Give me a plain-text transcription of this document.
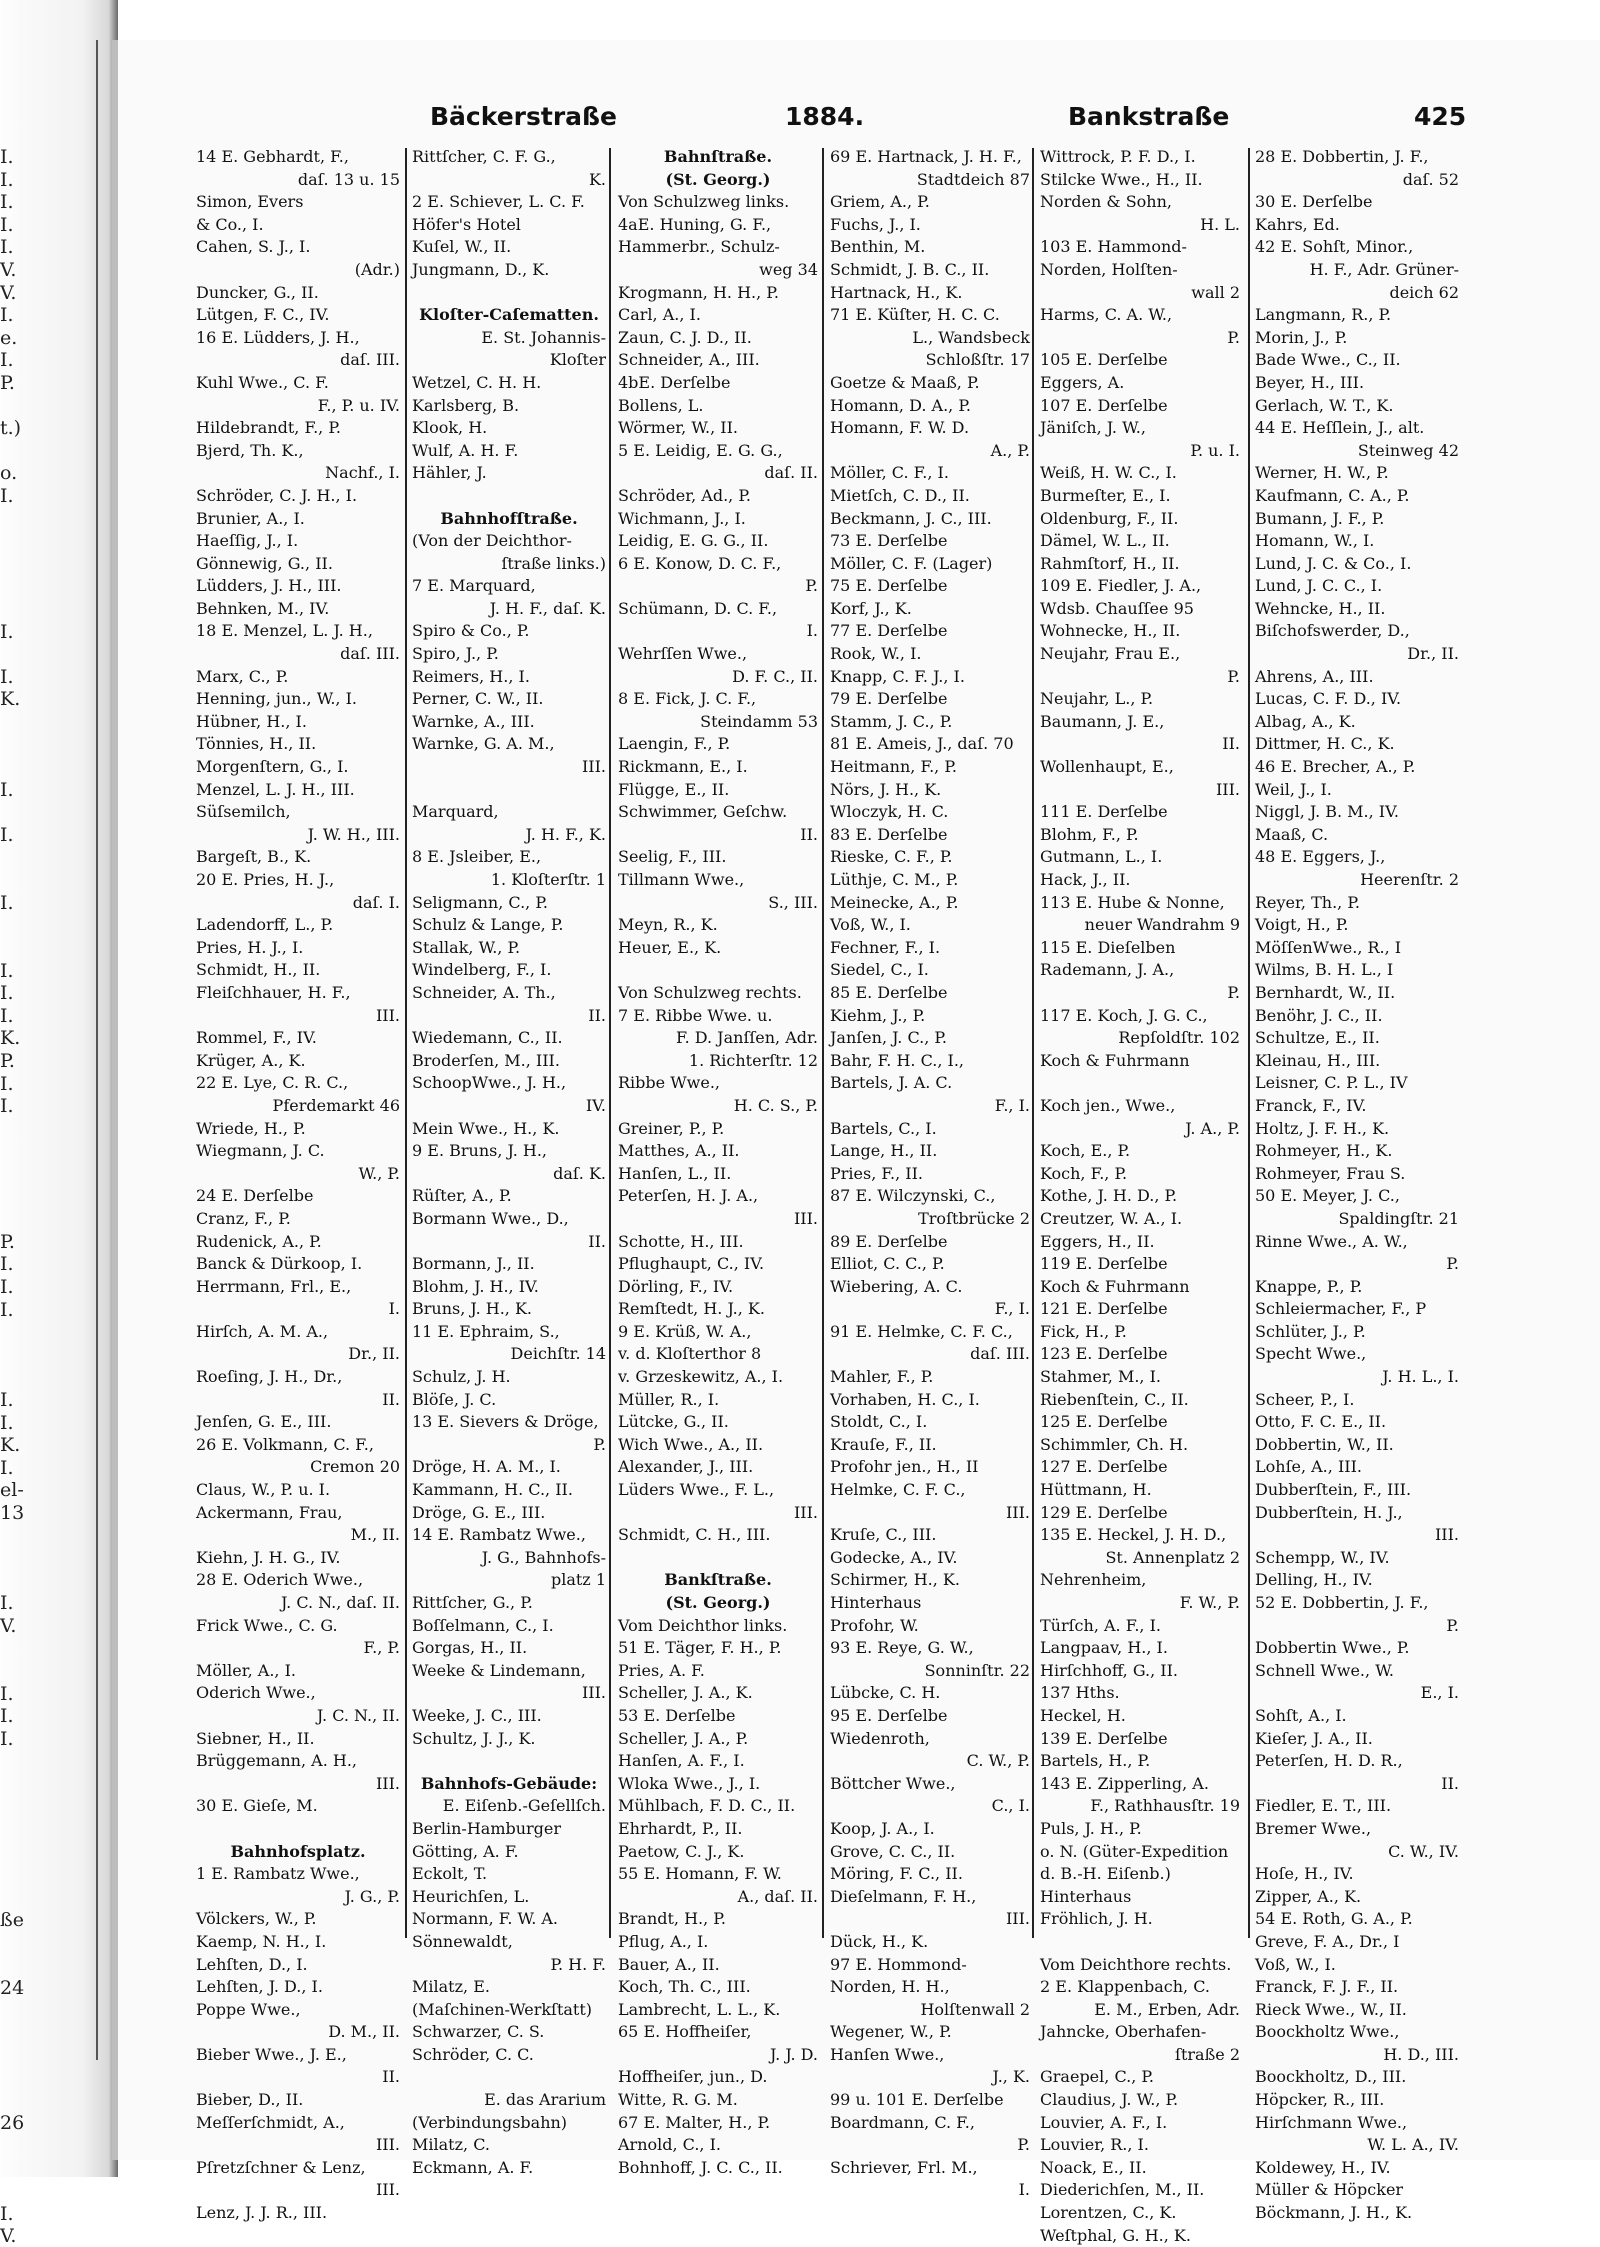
I.
I.
I.
I.
I.
V.
V.
I.
e.
I.
P.
t.)
o.
I.
I.
I.
K.
I.
I.
I.
I.
I.
I.
K.
P.
I.
I.
P.
I.
I.
I.
I.
I.
K.
I.
el-
13
I.
V.
I.
I.
I.
ße
24
26
I.
V.
Bäckerstraße	1884.	Bankstraße	425
14 E. Gebhardt, F.,
daſ. 13 u. 15
Simon, Evers
& Co., I.
Cahen, S. J., I.
(Adr.)
Duncker, G., II.
Lütgen, F. C., IV.
16 E. Lüdders, J. H.,
daſ. III.
Kuhl Wwe., C. F.
F., P. u. IV.
Hildebrandt, F., P.
Bjerd, Th. K.,
Nachf., I.
Schröder, C. J. H., I.
Brunier, A., I.
Haeſſig, J., I.
Gönnewig, G., II.
Lüdders, J. H., III.
Behnken, M., IV.
18 E. Menzel, L. J. H.,
daſ. III.
Marx, C., P.
Henning, jun., W., I.
Hübner, H., I.
Tönnies, H., II.
Morgenſtern, G., I.
Menzel, L. J. H., III.
Süſsemilch,
J. W. H., III.
Bargeſt, B., K.
20 E. Pries, H. J.,
daſ. I.
Ladendorff, L., P.
Pries, H. J., I.
Schmidt, H., II.
Fleiſchhauer, H. F.,
III.
Rommel, F., IV.
Krüger, A., K.
22 E. Lye, C. R. C.,
Pferdemarkt 46
Wriede, H., P.
Wiegmann, J. C.
W., P.
24 E. Derſelbe
Cranz, F., P.
Rudenick, A., P.
Banck & Dürkoop, I.
Herrmann, Frl., E.,
I.
Hirſch, A. M. A.,
Dr., II.
Roeſing, J. H., Dr.,
II.
Jenſen, G. E., III.
26 E. Volkmann, C. F.,
Cremon 20
Claus, W., P. u. I.
Ackermann, Frau,
M., II.
Kiehn, J. H. G., IV.
28 E. Oderich Wwe.,
J. C. N., daſ. II.
Frick Wwe., C. G.
F., P.
Möller, A., I.
Oderich Wwe.,
J. C. N., II.
Siebner, H., II.
Brüggemann, A. H.,
III.
30 E. Gieſe, M.
Bahnhofsplatz.
1 E. Rambatz Wwe.,
J. G., P.
Völckers, W., P.
Kaemp, N. H., I.
Lehſten, D., I.
Lehſten, J. D., I.
Poppe Wwe.,
D. M., II.
Bieber Wwe., J. E.,
II.
Bieber, D., II.
Meſſerſchmidt, A.,
III.
Pſretzſchner & Lenz,
III.
Lenz, J. J. R., III.
Rittſcher, C. F. G.,
K.
2 E. Schiever, L. C. F.
Höfer's Hotel
Kuſel, W., II.
Jungmann, D., K.
Kloſter-Caſematten.
E. St. Johannis-
Kloſter
Wetzel, C. H. H.
Karlsberg, B.
Klook, H.
Wulf, A. H. F.
Hähler, J.
Bahnhofſtraße.
(Von der Deichthor-
ſtraße links.)
7 E. Marquard,
J. H. F., daſ. K.
Spiro & Co., P.
Spiro, J., P.
Reimers, H., I.
Perner, C. W., II.
Warnke, A., III.
Warnke, G. A. M.,
III.
Marquard,
J. H. F., K.
8 E. Jsleiber, E.,
1. Kloſterſtr. 1
Seligmann, C., P.
Schulz & Lange, P.
Stallak, W., P.
Windelberg, F., I.
Schneider, A. Th.,
II.
Wiedemann, C., II.
Broderſen, M., III.
SchoopWwe., J. H.,
IV.
Mein Wwe., H., K.
9 E. Bruns, J. H.,
daſ. K.
Rüſter, A., P.
Bormann Wwe., D.,
II.
Bormann, J., II.
Blohm, J. H., IV.
Bruns, J. H., K.
11 E. Ephraim, S.,
Deichſtr. 14
Schulz, J. H.
Blöſe, J. C.
13 E. Sievers & Dröge,
P.
Dröge, H. A. M., I.
Kammann, H. C., II.
Dröge, G. E., III.
14 E. Rambatz Wwe.,
J. G., Bahnhofs-
platz 1
Rittſcher, G., P.
Boſſelmann, C., I.
Gorgas, H., II.
Weeke & Lindemann,
III.
Weeke, J. C., III.
Schultz, J. J., K.
Bahnhofs-Gebäude:
E. Eiſenb.-Geſellſch.
Berlin-Hamburger
Götting, A. F.
Eckolt, T.
Heurichſen, L.
Normann, F. W. A.
Sönnewaldt,
P. H. F.
Milatz, E.
(Maſchinen-Werkſtatt)
Schwarzer, C. S.
Schröder, C. C.
E. das Ararium
(Verbindungsbahn)
Milatz, C.
Eckmann, A. F.
Bahnſtraße.
(St. Georg.)
Von Schulzweg links.
4aE. Huning, G. F.,
Hammerbr., Schulz-
weg 34
Krogmann, H. H., P.
Carl, A., I.
Zaun, C. J. D., II.
Schneider, A., III.
4bE. Derſelbe
Bollens, L.
Wörmer, W., II.
5 E. Leidig, E. G. G.,
daſ. II.
Schröder, Ad., P.
Wichmann, J., I.
Leidig, E. G. G., II.
6 E. Konow, D. C. F.,
P.
Schümann, D. C. F.,
I.
Wehrſſen Wwe.,
D. F. C., II.
8 E. Fick, J. C. F.,
Steindamm 53
Laengin, F., P.
Rickmann, E., I.
Flügge, E., II.
Schwimmer, Geſchw.
II.
Seelig, F., III.
Tillmann Wwe.,
S., III.
Meyn, R., K.
Heuer, E., K.
Von Schulzweg rechts.
7 E. Ribbe Wwe. u.
F. D. Janſſen, Adr.
1. Richterſtr. 12
Ribbe Wwe.,
H. C. S., P.
Greiner, P., P.
Matthes, A., II.
Hanſen, L., II.
Peterſen, H. J. A.,
III.
Schotte, H., III.
Pflughaupt, C., IV.
Dörling, F., IV.
Remſtedt, H. J., K.
9 E. Krüß, W. A.,
v. d. Kloſterthor 8
v. Grzeskewitz, A., I.
Müller, R., I.
Lütcke, G., II.
Wich Wwe., A., II.
Alexander, J., III.
Lüders Wwe., F. L.,
III.
Schmidt, C. H., III.
Bankſtraße.
(St. Georg.)
Vom Deichthor links.
51 E. Täger, F. H., P.
Pries, A. F.
Scheller, J. A., K.
53 E. Derſelbe
Scheller, J. A., P.
Hanſen, A. F., I.
Wloka Wwe., J., I.
Mühlbach, F. D. C., II.
Ehrhardt, P., II.
Paetow, C. J., K.
55 E. Homann, F. W.
A., daſ. II.
Brandt, H., P.
Pflug, A., I.
Bauer, A., II.
Koch, Th. C., III.
Lambrecht, L. L., K.
65 E. Hoffheiſer,
J. J. D.
Hoffheiſer, jun., D.
Witte, R. G. M.
67 E. Malter, H., P.
Arnold, C., I.
Bohnhoff, J. C. C., II.
69 E. Hartnack, J. H. F.,
Stadtdeich 87
Griem, A., P.
Fuchs, J., I.
Benthin, M.
Schmidt, J. B. C., II.
Hartnack, H., K.
71 E. Küſter, H. C. C.
L., Wandsbeck
Schloßſtr. 17
Goetze & Maaß, P.
Homann, D. A., P.
Homann, F. W. D.
A., P.
Möller, C. F., I.
Mietſch, C. D., II.
Beckmann, J. C., III.
73 E. Derſelbe
Möller, C. F. (Lager)
75 E. Derſelbe
Korf, J., K.
77 E. Derſelbe
Rook, W., I.
Knapp, C. F. J., I.
79 E. Derſelbe
Stamm, J. C., P.
81 E. Ameis, J., daſ. 70
Heitmann, F., P.
Nörs, J. H., K.
Wloczyk, H. C.
83 E. Derſelbe
Rieske, C. F., P.
Lüthje, C. M., P.
Meinecke, A., P.
Voß, W., I.
Fechner, F., I.
Siedel, C., I.
85 E. Derſelbe
Kiehm, J., P.
Janſen, J. C., P.
Bahr, F. H. C., I.,
Bartels, J. A. C.
F., I.
Bartels, C., I.
Lange, H., II.
Pries, F., II.
87 E. Wilczynski, C.,
Troſtbrücke 2
89 E. Derſelbe
Elliot, C. C., P.
Wiebering, A. C.
F., I.
91 E. Helmke, C. F. C.,
daſ. III.
Mahler, F., P.
Vorhaben, H. C., I.
Stoldt, C., I.
Krauſe, F., II.
Profohr jen., H., II
Helmke, C. F. C.,
III.
Kruſe, C., III.
Godecke, A., IV.
Schirmer, H., K.
Hinterhaus
Profohr, W.
93 E. Reye, G. W.,
Sonninſtr. 22
Lübcke, C. H.
95 E. Derſelbe
Wiedenroth,
C. W., P.
Böttcher Wwe.,
C., I.
Koop, J. A., I.
Grove, C. C., II.
Möring, F. C., II.
Dieſelmann, F. H.,
III.
Dück, H., K.
97 E. Hommond-
Norden, H. H.,
Holſtenwall 2
Wegener, W., P.
Hanſen Wwe.,
J., K.
99 u. 101 E. Derſelbe
Boardmann, C. F.,
P.
Schriever, Frl. M.,
I.
Wittrock, P. F. D., I.
Stilcke Wwe., H., II.
Norden & Sohn,
H. L.
103 E. Hammond-
Norden, Holſten-
wall 2
Harms, C. A. W.,
P.
105 E. Derſelbe
Eggers, A.
107 E. Derſelbe
Jäniſch, J. W.,
P. u. I.
Weiß, H. W. C., I.
Burmeſter, E., I.
Oldenburg, F., II.
Dämel, W. L., II.
Rahmſtorf, H., II.
109 E. Fiedler, J. A.,
Wdsb. Chauſſee 95
Wohnecke, H., II.
Neujahr, Frau E.,
P.
Neujahr, L., P.
Baumann, J. E.,
II.
Wollenhaupt, E.,
III.
111 E. Derſelbe
Blohm, F., P.
Gutmann, L., I.
Hack, J., II.
113 E. Hube & Nonne,
neuer Wandrahm 9
115 E. Dieſelben
Rademann, J. A.,
P.
117 E. Koch, J. G. C.,
Repſoldſtr. 102
Koch & Fuhrmann
Koch jen., Wwe.,
J. A., P.
Koch, E., P.
Koch, F., P.
Kothe, J. H. D., P.
Creutzer, W. A., I.
Eggers, H., II.
119 E. Derſelbe
Koch & Fuhrmann
121 E. Derſelbe
Fick, H., P.
123 E. Derſelbe
Stahmer, M., I.
Riebenſtein, C., II.
125 E. Derſelbe
Schimmler, Ch. H.
127 E. Derſelbe
Hüttmann, H.
129 E. Derſelbe
135 E. Heckel, J. H. D.,
St. Annenplatz 2
Nehrenheim,
F. W., P.
Türſch, A. F., I.
Langpaav, H., I.
Hirſchhoff, G., II.
137 Hths.
Heckel, H.
139 E. Derſelbe
Bartels, H., P.
143 E. Zipperling, A.
F., Rathhausſtr. 19
Puls, J. H., P.
o. N. (Güter-Expedition
d. B.-H. Eiſenb.)
Hinterhaus
Fröhlich, J. H.
Vom Deichthore rechts.
2 E. Klappenbach, C.
E. M., Erben, Adr.
Jahncke, Oberhafen-
ſtraße 2
Graepel, C., P.
Claudius, J. W., P.
Louvier, A. F., I.
Louvier, R., I.
Noack, E., II.
Diederichſen, M., II.
Lorentzen, C., K.
Weſtphal, G. H., K.
28 E. Dobbertin, J. F.,
daſ. 52
30 E. Derſelbe
Kahrs, Ed.
42 E. Sohſt, Minor.,
H. F., Adr. Grüner-
deich 62
Langmann, R., P.
Morin, J., P.
Bade Wwe., C., II.
Beyer, H., III.
Gerlach, W. T., K.
44 E. Heſſlein, J., alt.
Steinweg 42
Werner, H. W., P.
Kaufmann, C. A., P.
Bumann, J. F., P.
Homann, W., I.
Lund, J. C. & Co., I.
Lund, J. C. C., I.
Wehncke, H., II.
Biſchofswerder, D.,
Dr., II.
Ahrens, A., III.
Lucas, C. F. D., IV.
Albag, A., K.
Dittmer, H. C., K.
46 E. Brecher, A., P.
Weil, J., I.
Niggl, J. B. M., IV.
Maaß, C.
48 E. Eggers, J.,
Heerenſtr. 2
Reyer, Th., P.
Voigt, H., P.
MöſſenWwe., R., I
Wilms, B. H. L., I
Bernhardt, W., II.
Benöhr, J. C., II.
Schultze, E., II.
Kleinau, H., III.
Leisner, C. P. L., IV
Franck, F., IV.
Holtz, J. F. H., K.
Rohmeyer, H., K.
Rohmeyer, Frau S.
50 E. Meyer, J. C.,
Spaldingſtr. 21
Rinne Wwe., A. W.,
P.
Knappe, P., P.
Schleiermacher, F., P
Schlüter, J., P.
Specht Wwe.,
J. H. L., I.
Scheer, P., I.
Otto, F. C. E., II.
Dobbertin, W., II.
Lohſe, A., III.
Dubberſtein, F., III.
Dubberſtein, H. J.,
III.
Schempp, W., IV.
Delling, H., IV.
52 E. Dobbertin, J. F.,
P.
Dobbertin Wwe., P.
Schnell Wwe., W.
E., I.
Sohſt, A., I.
Kieſer, J. A., II.
Peterſen, H. D. R.,
II.
Fiedler, E. T., III.
Bremer Wwe.,
C. W., IV.
Hoſe, H., IV.
Zipper, A., K.
54 E. Roth, G. A., P.
Greve, F. A., Dr., I
Voß, W., I.
Franck, F. J. F., II.
Rieck Wwe., W., II.
Boockholtz Wwe.,
H. D., III.
Boockholtz, D., III.
Höpcker, R., III.
Hirſchmann Wwe.,
W. L. A., IV.
Koldewey, H., IV.
Müller & Höpcker
Böckmann, J. H., K.
